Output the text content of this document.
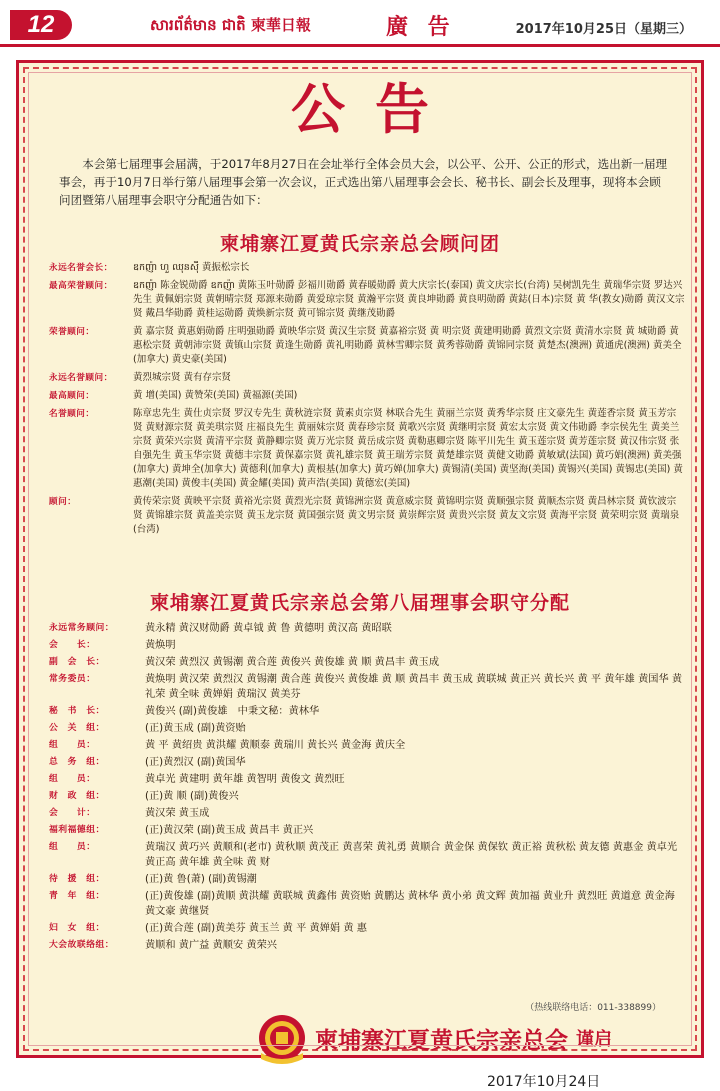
12	សារព័ត៌មាន ជាតិ 柬華日報	廣 告	2017年10月25日（星期三）
公告

本会第七届理事会届满，于2017年8月27日在会址举行全体会员大会，以公平、公开、公正的形式，选出新一届理事会，再于10月7日举行第八届理事会第一次会议，正式选出第八届理事会会长、秘书长、副会长及理事，现将本会顾问团暨第八届理事会职守分配通告如下：

柬埔寨江夏黄氏宗亲总会顾问团
永远名誉会长：	ឧកញ៉ា ហួ ឈុនស៊ី 黄振松宗长
最高荣誉顾问：	ឧកញ៉ា 陈金锐勋爵 ឧកញ៉ា 黄陈玉叶勋爵 彭福川勋爵 黄春暖勋爵 黄大庆宗长(泰国) 黄文庆宗长(台湾) 吴树凯先生 黄瑞华宗贤 罗达兴先生 黄佩娟宗贤 黄朝晴宗贤 郑源来勋爵 黄爱琼宗贤 黄瀚平宗贤 黄良坤勋爵 黄良明勋爵 黄鋕(日本)宗贤 黄 华(教女)勋爵 黄汉文宗贤 戴昌华勋爵 黄桂运勋爵 黄焕新宗贤 黄可锦宗贤 黄继茂勋爵
荣誉顾问：	黄 嘉宗贤 黄惠娟勋爵 庄明强勋爵 黄映华宗贤 黄汉生宗贤 黄嘉裕宗贤 黄 明宗贤 黄建明勋爵 黄烈文宗贤 黄清水宗贤 黄 城勋爵 黄惠松宗贤 黄朝沛宗贤 黄镇山宗贤 黄逢生勋爵 黄礼明勋爵 黄林雪卿宗贤 黄秀蓉勋爵 黄锦同宗贤 黄楚杰(澳洲) 黄通虎(澳洲) 黄美全(加拿大) 黄史豪(美国)
永远名誉顾问：	黄烈城宗贤 黄有存宗贤
最高顾问：	黄 增(美国) 黄赞荣(美国) 黄福源(美国)
名誉顾问：	陈章忠先生 黄仕贞宗贤 罗汉专先生 黄秋涟宗贤 黄素贞宗贤 林联合先生 黄丽兰宗贤 黄秀华宗贤 庄文豪先生 黄莲香宗贤 黄玉芳宗贤 黄财源宗贤 黄美琪宗贤 庄福良先生 黄丽妹宗贤 黄春珍宗贤 黄歌兴宗贤 黄继明宗贤 黄宏太宗贤 黄文伟勋爵 李宗侯先生 黄美兰宗贤 黄荣兴宗贤 黄清平宗贤 黄静卿宗贤 黄万光宗贤 黄岳成宗贤 黄勒惠卿宗贤 陈平川先生 黄玉莲宗贤 黄芳莲宗贤 黄汉伟宗贤 张自强先生 黄玉华宗贤 黄德丰宗贤 黄保嘉宗贤 黄礼雄宗贤 黄王瑞芳宗贤 黄楚雄宗贤 黄健文勋爵 黄敏斌(法国) 黄巧娟(澳洲) 黄美强(加拿大) 黄坤全(加拿大) 黄德利(加拿大) 黄根基(加拿大) 黄巧婵(加拿大) 黄锡清(美国) 黄坚海(美国) 黄锡兴(美国) 黄锡忠(美国) 黄惠潮(美国) 黄俊丰(美国) 黄金耀(美国) 黄声浩(美国) 黄德宏(美国)
顾问：	黄传荣宗贤 黄映平宗贤 黄裕光宗贤 黄烈光宗贤 黄锦洲宗贤 黄意威宗贤 黄锦明宗贤 黄顺强宗贤 黄顺杰宗贤 黄昌林宗贤 黄钦波宗贤 黄锦雄宗贤 黄盖美宗贤 黄玉龙宗贤 黄国强宗贤 黄文男宗贤 黄崇辉宗贤 黄贵兴宗贤 黄友文宗贤 黄海平宗贤 黄荣明宗贤 黄瑞泉(台湾)
柬埔寨江夏黄氏宗亲总会第八届理事会职守分配
永远常务顾问：	黄永精 黄汉财勋爵 黄卓钺 黄 鲁 黄德明 黄汉高 黄昭联
会　　长：	黄焕明
副　会　长：	黄汉荣 黄烈汉 黄锡潮 黄合莲 黄俊兴 黄俊雄 黄 顺 黄昌丰 黄玉成
常务委员：	黄焕明 黄汉荣 黄烈汉 黄锡潮 黄合莲 黄俊兴 黄俊雄 黄 顺 黄昌丰 黄玉成 黄联城 黄正兴 黄长兴 黄 平 黄年雄 黄国华 黄礼荣 黄全味 黄婵娟 黄瑞汉 黄美芬
秘　书　长：	黄俊兴 (副)黄俊雄　中秉文秘：黄林华
公　关　组：	(正)黄玉成 (副)黄资贻
组　　员：	黄 平 黄绍贵 黄洪耀 黄顺泰 黄瑞川 黄长兴 黄金海 黄庆全
总　务　组：	(正)黄烈汉 (副)黄国华
组　　员：	黄卓光 黄建明 黄年雄 黄智明 黄俊文 黄烈旺
财　政　组：	(正)黄 顺 (副)黄俊兴
会　　计：	黄汉荣 黄玉成
福利福德组：	(正)黄汉荣 (副)黄玉成 黄昌丰 黄正兴
组　　员：	黄瑞汉 黄巧兴 黄顺和(老市) 黄秋顺 黄茂正 黄喜荣 黄礼勇 黄顺合 黄金保 黄保钦 黄正裕 黄秋松 黄友德 黄惠金 黄卓光 黄正高 黄年雄 黄全味 黄 财
待　援　组：	(正)黄 鲁(萧) (副)黄锡潮
青　年　组：	(正)黄俊雄 (副)黄顺 黄洪耀 黄联城 黄鑫伟 黄资贻 黄鹏达 黄林华 黄小弟 黄文辉 黄加福 黄业升 黄烈旺 黄道意 黄金海 黄文豪 黄继贤
妇　女　组：	(正)黄合莲 (副)黄美芬 黄玉兰 黄 平 黄婵娟 黄 惠
大会故联络组：	黄顺和 黄广益 黄顺安 黄荣兴
（热线联络电话：011-338899）
柬埔寨江夏黄氏宗亲总会 谨启
2017年10月24日
